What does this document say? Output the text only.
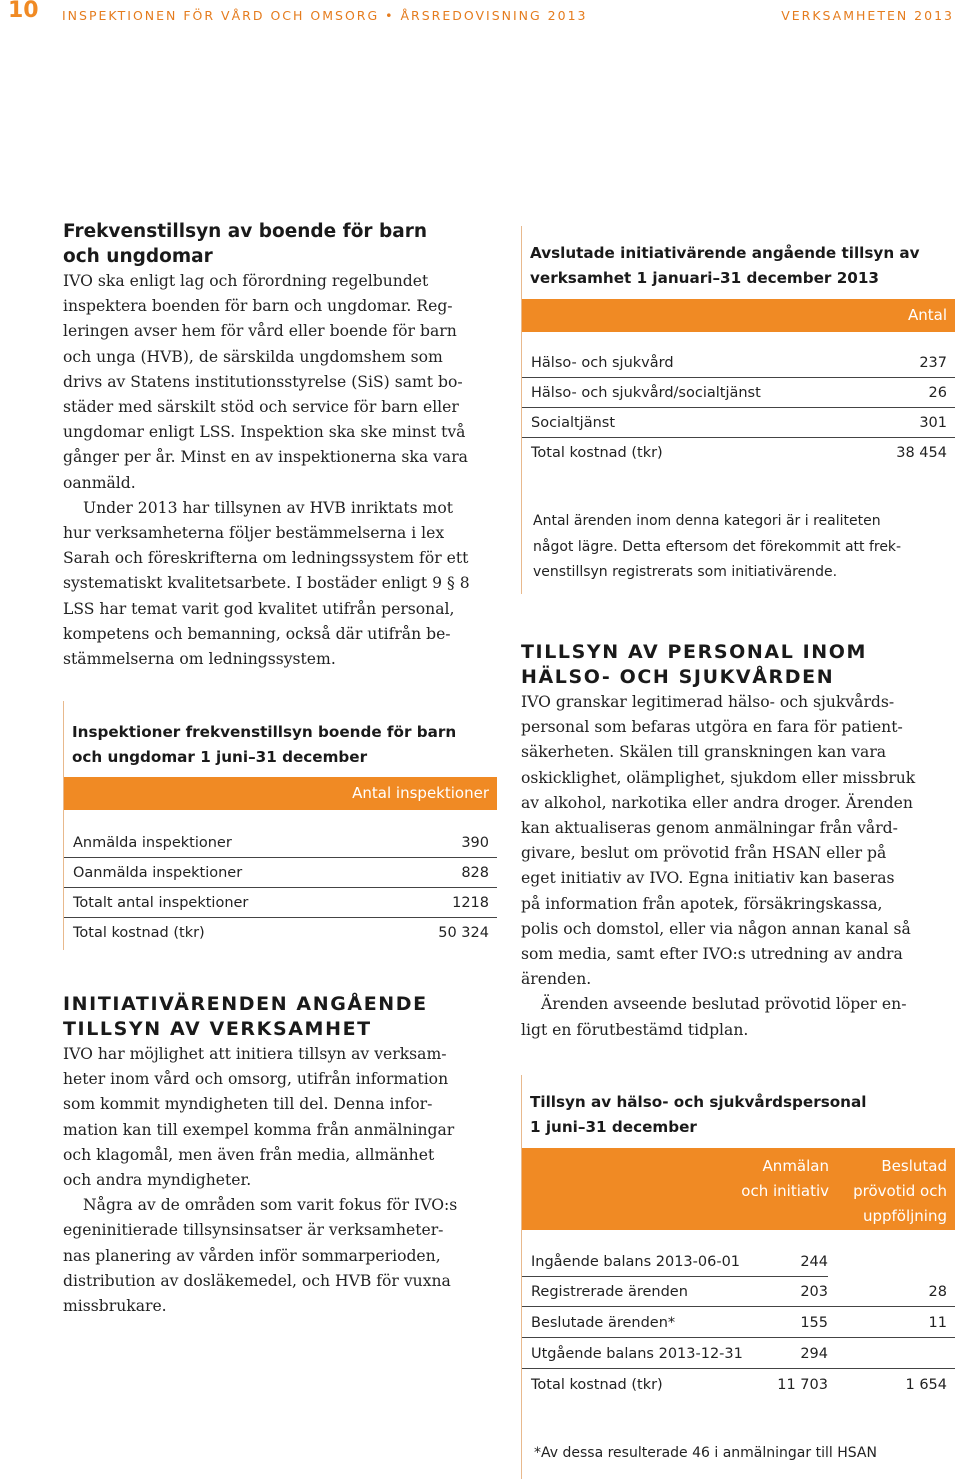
10 INSPEKTIONEN FÖR VÅRD OCH OMSORG • ÅRSREDOVISNING 2013	VERKSAMHETEN 2013
Frekvenstillsyn av boende för barn
och ungdomar

IVO ska enligt lag och förordning regelbundet
inspektera boenden för barn och ungdomar. Reg-
leringen avser hem för vård eller boende för barn
och unga (HVB), de särskilda ungdomshem som
drivs av Statens institutionsstyrelse (SiS) samt bo-
städer med särskilt stöd och service för barn eller
ungdomar enligt LSS. Inspektion ska ske minst två
gånger per år. Minst en av inspektionerna ska vara
oanmäld.

Under 2013 har tillsynen av HVB inriktats mot
hur verksamheterna följer bestämmelserna i lex
Sarah och föreskrifterna om ledningssystem för ett
systematiskt kvalitetsarbete. I bostäder enligt 9 § 8
LSS har temat varit god kvalitet utifrån personal,
kompetens och bemanning, också där utifrån be-
stämmelserna om ledningssystem.

Inspektioner frekvenstillsyn boende för barn
och ungdomar 1 juni–31 december
Antal inspektioner
Anmälda inspektioner	390
Oanmälda inspektioner	828
Totalt antal inspektioner	1218
Total kostnad (tkr)	50 324
INITIATIVÄRENDEN ANGÅENDE
TILLSYN AV VERKSAMHET

IVO har möjlighet att initiera tillsyn av verksam-
heter inom vård och omsorg, utifrån information
som kommit myndigheten till del. Denna infor-
mation kan till exempel komma från anmälningar
och klagomål, men även från media, allmänhet
och andra myndigheter.

Några av de områden som varit fokus för IVO:s
egeninitierade tillsynsinsatser är verksamheter-
nas planering av vården inför sommarperioden,
distribution av dosläkemedel, och HVB för vuxna
missbrukare.

Avslutade initiativärende angående tillsyn av
verksamhet 1 januari–31 december 2013
Antal
Hälso- och sjukvård	237
Hälso- och sjukvård/socialtjänst	26
Socialtjänst	301
Total kostnad (tkr)	38 454
Antal ärenden inom denna kategori är i realiteten
något lägre. Detta eftersom det förekommit att frek-
venstillsyn registrerats som initiativärende.
TILLSYN AV PERSONAL INOM
HÄLSO- OCH SJUKVÅRDEN

IVO granskar legitimerad hälso- och sjukvårds-
personal som befaras utgöra en fara för patient-
säkerheten. Skälen till granskningen kan vara
oskicklighet, olämplighet, sjukdom eller missbruk
av alkohol, narkotika eller andra droger. Ärenden
kan aktualiseras genom anmälningar från vård-
givare, beslut om prövotid från HSAN eller på
eget initiativ av IVO. Egna initiativ kan baseras
på information från apotek, försäkringskassa,
polis och domstol, eller via någon annan kanal så
som media, samt efter IVO:s utredning av andra
ärenden.

Ärenden avseende beslutad prövotid löper en-
ligt en förutbestämd tidplan.

Tillsyn av hälso- och sjukvårdspersonal
1 juni–31 december
Anmälan
och initiativ
Beslutad
prövotid och
uppföljning
Ingående balans 2013-06-01	244
Registrerade ärenden	203	28
Beslutade ärenden*	155	11
Utgående balans 2013-12-31	294
Total kostnad (tkr)	11 703	1 654
*Av dessa resulterade 46 i anmälningar till HSAN
